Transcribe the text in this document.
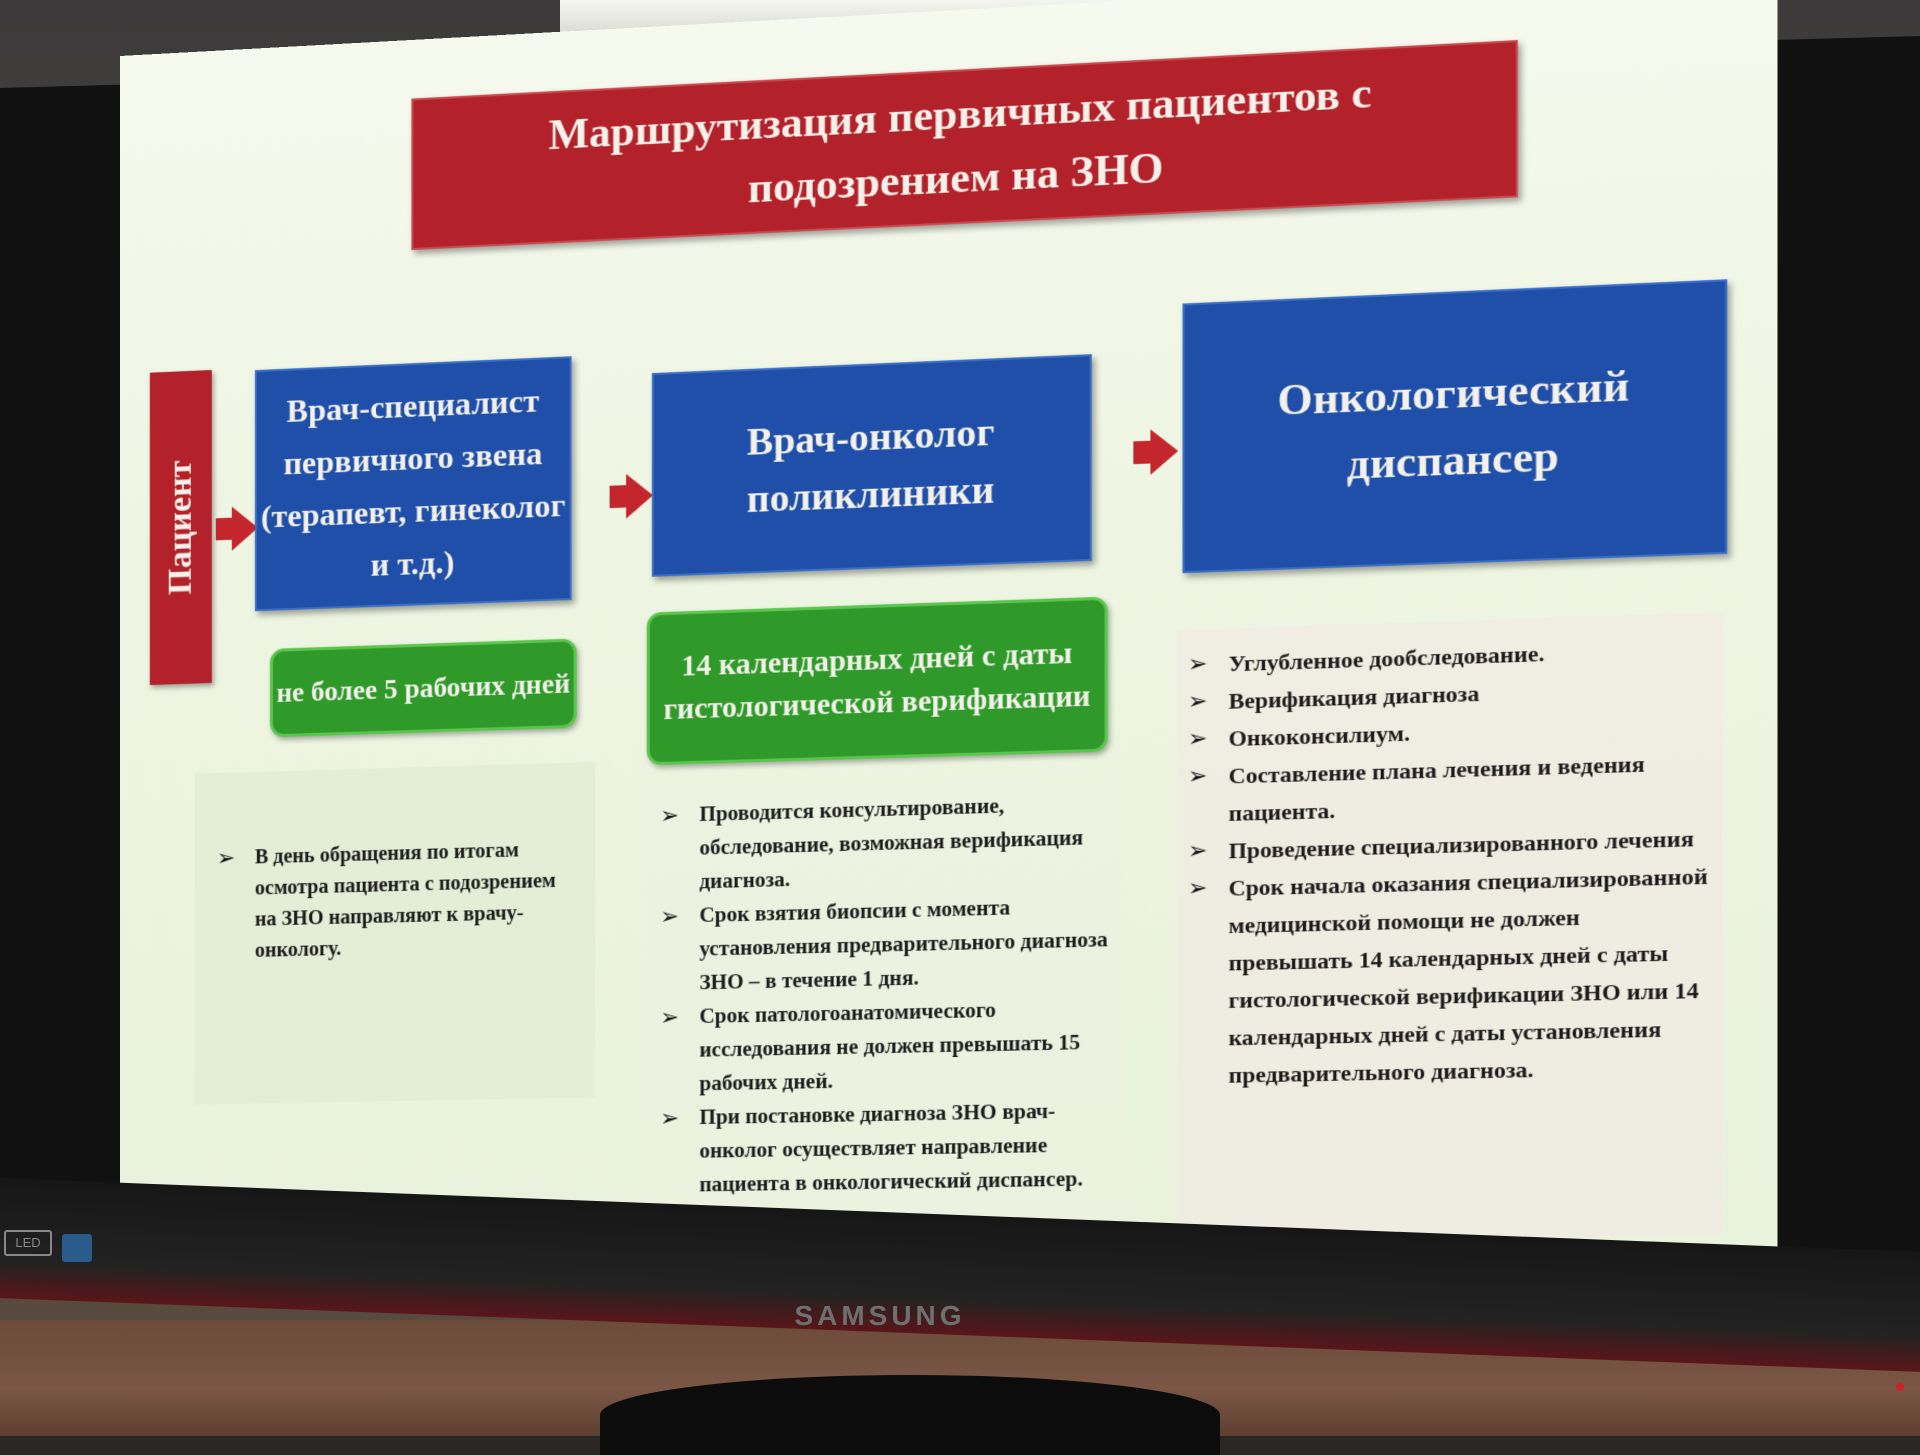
Маршрутизация первичных пациентов с подозрением на ЗНО
Пациент
Врач-специалист первичного звена (терапевт, гинеколог и т.д.)
Врач-онколог поликлиники
Онкологический диспансер
не более 5 рабочих дней
14 календарных дней с даты гистологической верификации
➢ В день обращения по итогам осмотра пациента с подозрением на ЗНО направляют к врачу-онкологу.
➢ Проводится консультирование, обследование, возможная верификация диагноза.
➢ Срок взятия биопсии с момента установления предварительного диагноза ЗНО – в течение 1 дня.
➢ Срок патологоанатомического исследования не должен превышать 15 рабочих дней.
➢ При постановке диагноза ЗНО врач-онколог осуществляет направление пациента в онкологический диспансер.
➢ Углубленное дообследование.
➢ Верификация диагноза
➢ Онкоконсилиум.
➢ Составление плана лечения и ведения пациента.
➢ Проведение специализированного лечения
➢ Срок начала оказания специализированной медицинской помощи не должен превышать 14 календарных дней с даты гистологической верификации ЗНО или 14 календарных дней с даты установления предварительного диагноза.
LED
SAMSUNG
